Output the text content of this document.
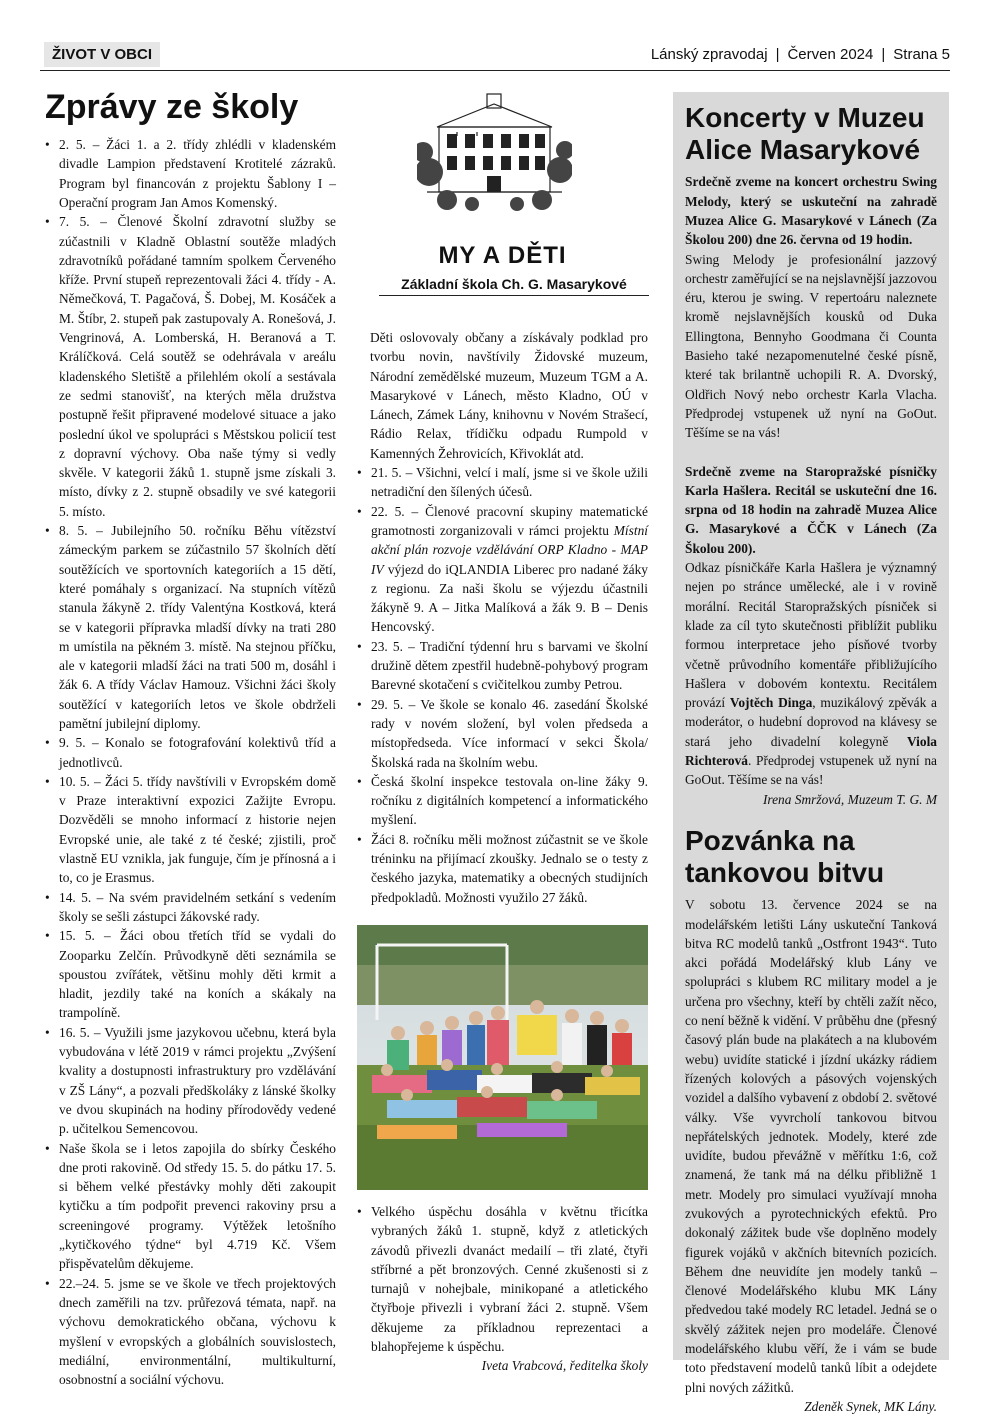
ŽIVOT V OBCI	Lánský zpravodaj | Červen 2024 | Strana 5
Zprávy ze školy
• 2. 5. – Žáci 1. a 2. třídy zhlédli v kladenském divadle Lampion představení Krotitelé zázraků. Program byl financován z projektu Šablony I – Operační program Jan Amos Komenský.
• 7. 5. – Členové Školní zdravotní služby se zúčastnili v Kladně Oblastní soutěže mladých zdravotníků pořádané tamním spolkem Červeného kříže. První stupeň reprezentovali žáci 4. třídy - A. Němečková, T. Pagačová, Š. Dobej, M. Kosáček a M. Štíbr, 2. stupeň pak zastupovaly A. Ronešová, J. Vengrinová, A. Lomberská, H. Beranová a T. Králíčková. Celá soutěž se odehrávala v areálu kladenského Sletiště a přilehlém okolí a sestávala ze sedmi stanovišť, na kterých měla družstva postupně řešit připravené modelové situace a jako poslední úkol ve spolupráci s Městskou policií test z dopravní výchovy. Oba naše týmy si vedly skvěle. V kategorii žáků 1. stupně jsme získali 3. místo, dívky z 2. stupně obsadily ve své kategorii 5. místo.
• 8. 5. – Jubilejního 50. ročníku Běhu vítězství zámeckým parkem se zúčastnilo 57 školních dětí soutěžících ve sportovních kategoriích a 15 dětí, které pomáhaly s organizací. Na stupních vítězů stanula žákyně 2. třídy Valentýna Kostková, která se v kategorii přípravka mladší dívky na trati 280 m umístila na pěkném 3. místě. Na stejnou příčku, ale v kategorii mladší žáci na trati 500 m, dosáhl i žák 6. A třídy Václav Hamouz. Všichni žáci školy soutěžící v kategoriích letos ve škole obdrželi pamětní jubilejní diplomy.
• 9. 5. – Konalo se fotografování kolektivů tříd a jednotlivců.
• 10. 5. – Žáci 5. třídy navštívili v Evropském domě v Praze interaktivní expozici Zažijte Evropu. Dozvěděli se mnoho informací z historie nejen Evropské unie, ale také z té české; zjistili, proč vlastně EU vznikla, jak funguje, čím je přínosná a i to, co je Erasmus.
• 14. 5. – Na svém pravidelném setkání s vedením školy se sešli zástupci žákovské rady.
• 15. 5. – Žáci obou třetích tříd se vydali do Zooparku Zelčín. Průvodkyně děti seznámila se spoustou zvířátek, většinu mohly děti krmit a hladit, jezdily také na koních a skákaly na trampolíně.
• 16. 5. – Využili jsme jazykovou učebnu, která byla vybudována v létě 2019 v rámci projektu „Zvýšení kvality a dostupnosti infrastruktury pro vzdělávání v ZŠ Lány“, a pozvali předškoláky z lánské školky ve dvou skupinách na hodiny přírodovědy vedené p. učitelkou Semencovou.
• Naše škola se i letos zapojila do sbírky Českého dne proti rakovině. Od středy 15. 5. do pátku 17. 5. si během velké přestávky mohly děti zakoupit kytičku a tím podpořit prevenci rakoviny prsu a screeningové programy. Výtěžek letošního „kytičkového týdne“ byl 4.719 Kč. Všem přispěvatelům děkujeme.
• 22.–24. 5. jsme se ve škole ve třech projektových dnech zaměřili na tzv. průřezová témata, např. na výchovu demokratického občana, výchovu k myšlení v evropských a globálních souvislostech, mediální, environmentální, multikulturní, osobnostní a sociální výchovu.
MY A DĚTI
Základní škola Ch. G. Masarykové

Děti oslovovaly občany a získávaly podklad pro tvorbu novin, navštívily Židovské muzeum, Národní zemědělské muzeum, Muzeum TGM a A. Masarykové v Lánech, město Kladno, OÚ v Lánech, Zámek Lány, knihovnu v Novém Strašecí, Rádio Relax, třídičku odpadu Rumpold v Kamenných Žehrovicích, Křivoklát atd.

• 21. 5. – Všichni, velcí i malí, jsme si ve škole užili netradiční den šílených účesů.
• 22. 5. – Členové pracovní skupiny matematické gramotnosti zorganizovali v rámci projektu Místní akční plán rozvoje vzdělávání ORP Kladno - MAP IV výjezd do iQLANDIA Liberec pro nadané žáky z regionu. Za naši školu se výjezdu účastnili žákyně 9. A – Jitka Malíková a žák 9. B – Denis Hencovský.
• 23. 5. – Tradiční týdenní hru s barvami ve školní družině dětem zpestřil hudebně-pohybový program Barevné skotačení s cvičitelkou zumby Petrou.
• 29. 5. – Ve škole se konalo 46. zasedání Školské rady v novém složení, byl volen předseda a místopředseda. Více informací v sekci Škola/Školská rada na školním webu.
• Česká školní inspekce testovala on-line žáky 9. ročníku z digitálních kompetencí a informatického myšlení.
• Žáci 8. ročníku měli možnost zúčastnit se ve škole tréninku na přijímací zkoušky. Jednalo se o testy z českého jazyka, matematiky a obecných studijních předpokladů. Možnosti využilo 27 žáků.
• Velkého úspěchu dosáhla v květnu třicítka vybraných žáků 1. stupně, když z atletických závodů přivezli dvanáct medailí – tři zlaté, čtyři stříbrné a pět bronzových. Cenné zkušenosti si z turnajů v nohejbale, minikopané a atletického čtyřboje přivezli i vybraní žáci 2. stupně. Všem děkujeme za příkladnou reprezentaci a blahopřejeme k úspěchu.

Iveta Vrabcová, ředitelka školy

Koncerty v Muzeu Alice Masarykové

Srdečně zveme na koncert orchestru Swing Melody, který se uskuteční na zahradě Muzea Alice G. Masarykové v Lánech (Za Školou 200) dne 26. června od 19 hodin.

Swing Melody je profesionální jazzový orchestr zaměřující se na nejslavnější jazzovou éru, kterou je swing. V repertoáru naleznete kromě nejslavnějších kousků od Duka Ellingtona, Bennyho Goodmana či Counta Basieho také nezapomenutelné české písně, které tak brilantně uchopili R. A. Dvorský, Oldřich Nový nebo orchestr Karla Vlacha. Předprodej vstupenek už nyní na GoOut. Těšíme se na vás!

Srdečně zveme na Staropražské písničky Karla Hašlera. Recitál se uskuteční dne 16. srpna od 18 hodin na zahradě Muzea Alice G. Masarykové a ČČK v Lánech (Za Školou 200).

Odkaz písničkáře Karla Hašlera je významný nejen po stránce umělecké, ale i v rovině morální. Recitál Staropražských písniček si klade za cíl tyto skutečnosti přiblížit publiku formou interpretace jeho písňové tvorby včetně průvodního komentáře přibližujícího Hašlera v dobovém kontextu. Recitálem provází Vojtěch Dinga, muzikálový zpěvák a moderátor, o hudební doprovod na klávesy se stará jeho divadelní kolegyně Viola Richterová. Předprodej vstupenek už nyní na GoOut. Těšíme se na vás!

Irena Smržová, Muzeum T. G. M

Pozvánka na tankovou bitvu

V sobotu 13. července 2024 se na modelářském letišti Lány uskuteční Tanková bitva RC modelů tanků „Ostfront 1943“. Tuto akci pořádá Modelářský klub Lány ve spolupráci s klubem RC military model a je určena pro všechny, kteří by chtěli zažít něco, co není běžně k vidění. V průběhu dne (přesný časový plán bude na plakátech a na klubovém webu) uvidíte statické i jízdní ukázky rádiem řízených kolových a pásových vojenských vozidel a dalšího vybavení z období 2. světové války. Vše vyvrcholí tankovou bitvou nepřátelských jednotek. Modely, které zde uvidíte, budou převážně v měřítku 1:6, což znamená, že tank má na délku přibližně 1 metr. Modely pro simulaci využívají mnoha zvukových a pyrotechnických efektů. Pro dokonalý zážitek bude vše doplněno modely figurek vojáků v akčních bitevních pozicích. Během dne neuvidíte jen modely tanků – členové Modelářského klubu MK Lány předvedou také modely RC letadel. Jedná se o skvělý zážitek nejen pro modeláře. Členové modelářského klubu věří, že i vám se bude toto představení modelů tanků líbit a odejdete plni nových zážitků.

Zdeněk Synek, MK Lány.
